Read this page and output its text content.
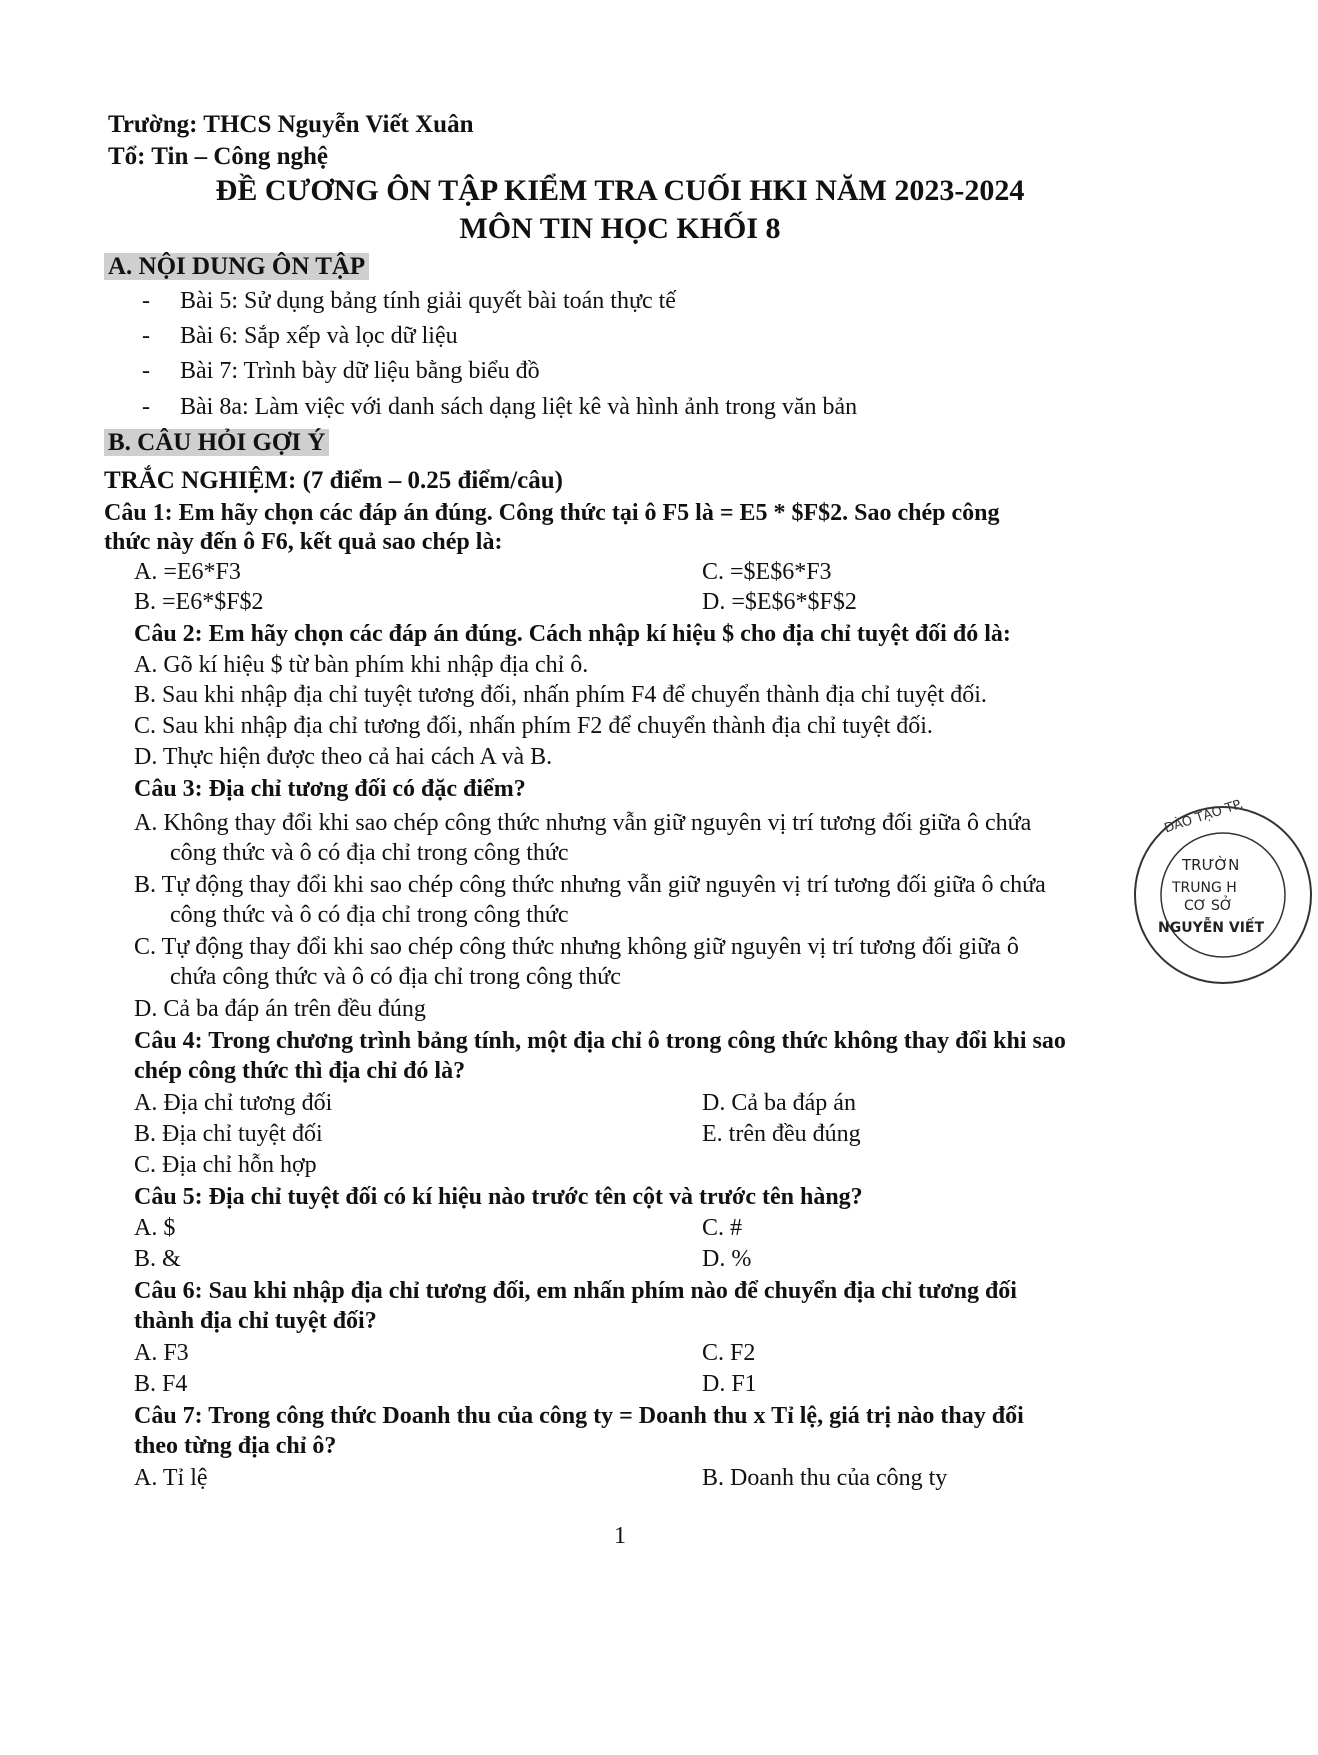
Trường: THCS Nguyễn Viết Xuân
Tổ: Tin – Công nghệ
ĐỀ CƯƠNG ÔN TẬP KIỂM TRA CUỐI HKI NĂM 2023-2024
MÔN TIN HỌC KHỐI 8
A. NỘI DUNG ÔN TẬP
- Bài 5: Sử dụng bảng tính giải quyết bài toán thực tế
- Bài 6: Sắp xếp và lọc dữ liệu
- Bài 7: Trình bày dữ liệu bằng biểu đồ
- Bài 8a: Làm việc với danh sách dạng liệt kê và hình ảnh trong văn bản
B. CÂU HỎI GỢI Ý
TRẮC NGHIỆM: (7 điểm – 0.25 điểm/câu)
Câu 1: Em hãy chọn các đáp án đúng. Công thức tại ô F5 là = E5 * $F$2. Sao chép công
thức này đến ô F6, kết quả sao chép là:
A. =E6*F3	C. =$E$6*F3
B. =E6*$F$2	D. =$E$6*$F$2
Câu 2: Em hãy chọn các đáp án đúng. Cách nhập kí hiệu $ cho địa chỉ tuyệt đối đó là:
A. Gõ kí hiệu $ từ bàn phím khi nhập địa chỉ ô.
B. Sau khi nhập địa chỉ tuyệt tương đối, nhấn phím F4 để chuyển thành địa chỉ tuyệt đối.
C. Sau khi nhập địa chỉ tương đối, nhấn phím F2 để chuyển thành địa chỉ tuyệt đối.
D. Thực hiện được theo cả hai cách A và B.
Câu 3: Địa chỉ tương đối có đặc điểm?
A. Không thay đổi khi sao chép công thức nhưng vẫn giữ nguyên vị trí tương đối giữa ô chứa
công thức và ô có địa chỉ trong công thức
B. Tự động thay đổi khi sao chép công thức nhưng vẫn giữ nguyên vị trí tương đối giữa ô chứa
công thức và ô có địa chỉ trong công thức
C. Tự động thay đổi khi sao chép công thức nhưng không giữ nguyên vị trí tương đối giữa ô
chứa công thức và ô có địa chỉ trong công thức
D. Cả ba đáp án trên đều đúng
Câu 4: Trong chương trình bảng tính, một địa chỉ ô trong công thức không thay đổi khi sao
chép công thức thì địa chỉ đó là?
A. Địa chỉ tương đối	D. Cả ba đáp án
B. Địa chỉ tuyệt đối	E. trên đều đúng
C. Địa chỉ hỗn hợp
Câu 5: Địa chỉ tuyệt đối có kí hiệu nào trước tên cột và trước tên hàng?
A. $	C. #
B. &	D. %
Câu 6: Sau khi nhập địa chỉ tương đối, em nhấn phím nào để chuyển địa chỉ tương đối
thành địa chỉ tuyệt đối?
A. F3	C. F2
B. F4	D. F1
Câu 7: Trong công thức Doanh thu của công ty = Doanh thu x Tỉ lệ, giá trị nào thay đổi
theo từng địa chỉ ô?
A. Tỉ lệ	B. Doanh thu của công ty
ĐÀO TẠO TP.
TRƯỜN
TRUNG H
CƠ SỞ
NGUYỄN VIẾT
1
